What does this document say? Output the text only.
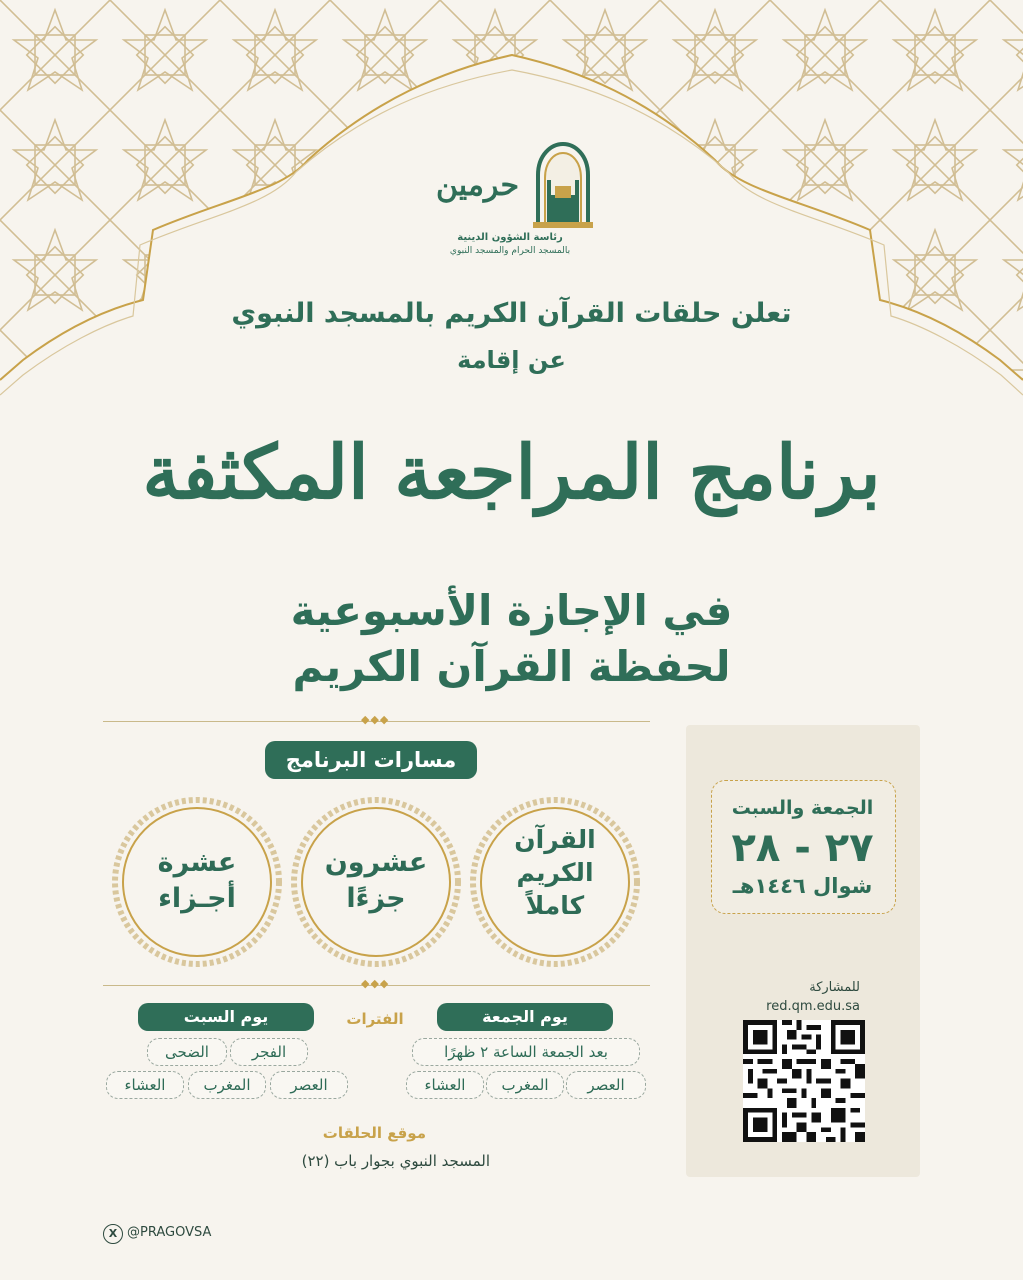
حرمين
رئاسة الشؤون الدينية
بالمسجد الحرام والمسجد النبوي
تعلن حلقات القرآن الكريم بالمسجد النبوي
عن إقامة
برنامج المراجعة المكثفة
في الإجازة الأسبوعية
لحفظة القرآن الكريم
◆◆◆
مسارات البرنامج
القرآن
الكريم
كاملاً
عشرون
جزءًا
عشرة
أجـزاء
◆◆◆
يوم الجمعة
الفترات
يوم السبت
بعد الجمعة الساعة ٢ ظهرًا
العصر
المغرب
العشاء
الفجر
الضحى
العصر
المغرب
العشاء
موقع الحلقات
المسجد النبوي بجوار باب (٢٢)
الجمعة والسبت
٢٧ - ٢٨
شوال ١٤٤٦هـ
للمشاركة
red.qm.edu.sa
X @PRAGOVSA
